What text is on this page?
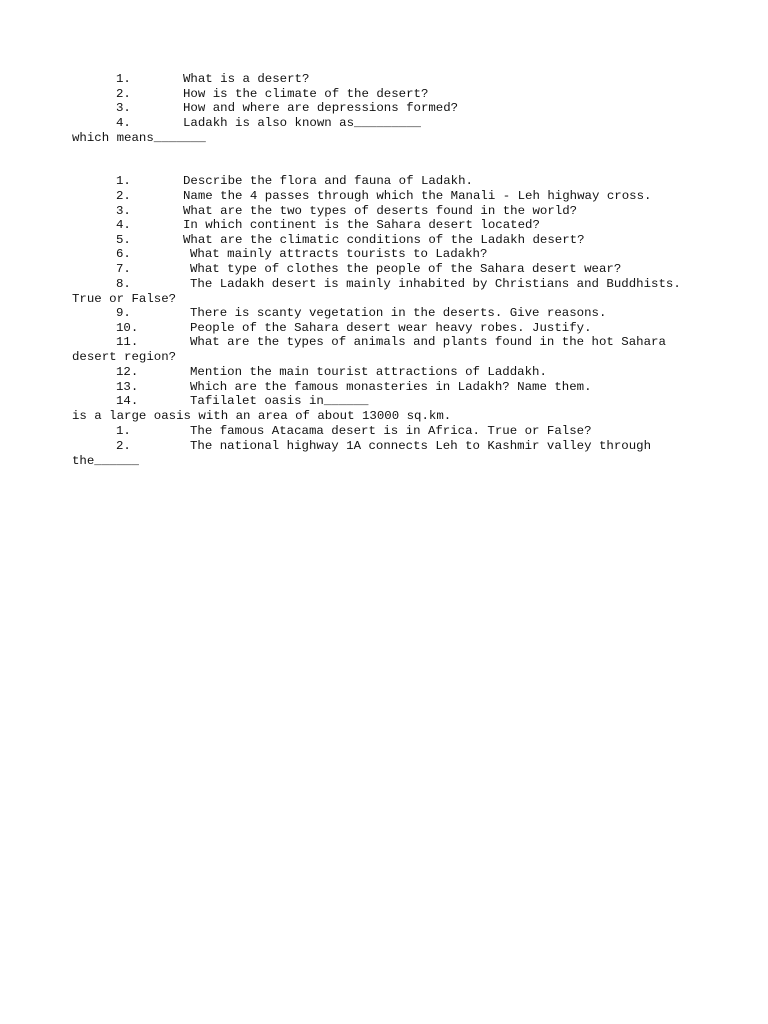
1.	What is a desert?
2.	How is the climate of the desert?
3.	How and where are depressions formed?
4.	Ladakh is also known as_________
which means_______
1.	Describe the flora and fauna of Ladakh.
2.	Name the 4 passes through which the Manali - Leh highway cross.
3.	What are the two types of deserts found in the world?
4.	In which continent is the Sahara desert located?
5.	What are the climatic conditions of the Ladakh desert?
6.	What mainly attracts tourists to Ladakh?
7.	What type of clothes the people of the Sahara desert wear?
8.	The Ladakh desert is mainly inhabited by Christians and Buddhists.
True or False?
9.	There is scanty vegetation in the deserts. Give reasons.
10.	People of the Sahara desert wear heavy robes. Justify.
11.	What are the types of animals and plants found in the hot Sahara
desert region?
12.	Mention the main tourist attractions of Laddakh.
13.	Which are the famous monasteries in Ladakh? Name them.
14.	Tafilalet oasis in______
is a large oasis with an area of about 13000 sq.km.
1.	The famous Atacama desert is in Africa. True or False?
2.	The national highway 1A connects Leh to Kashmir valley through
the______
